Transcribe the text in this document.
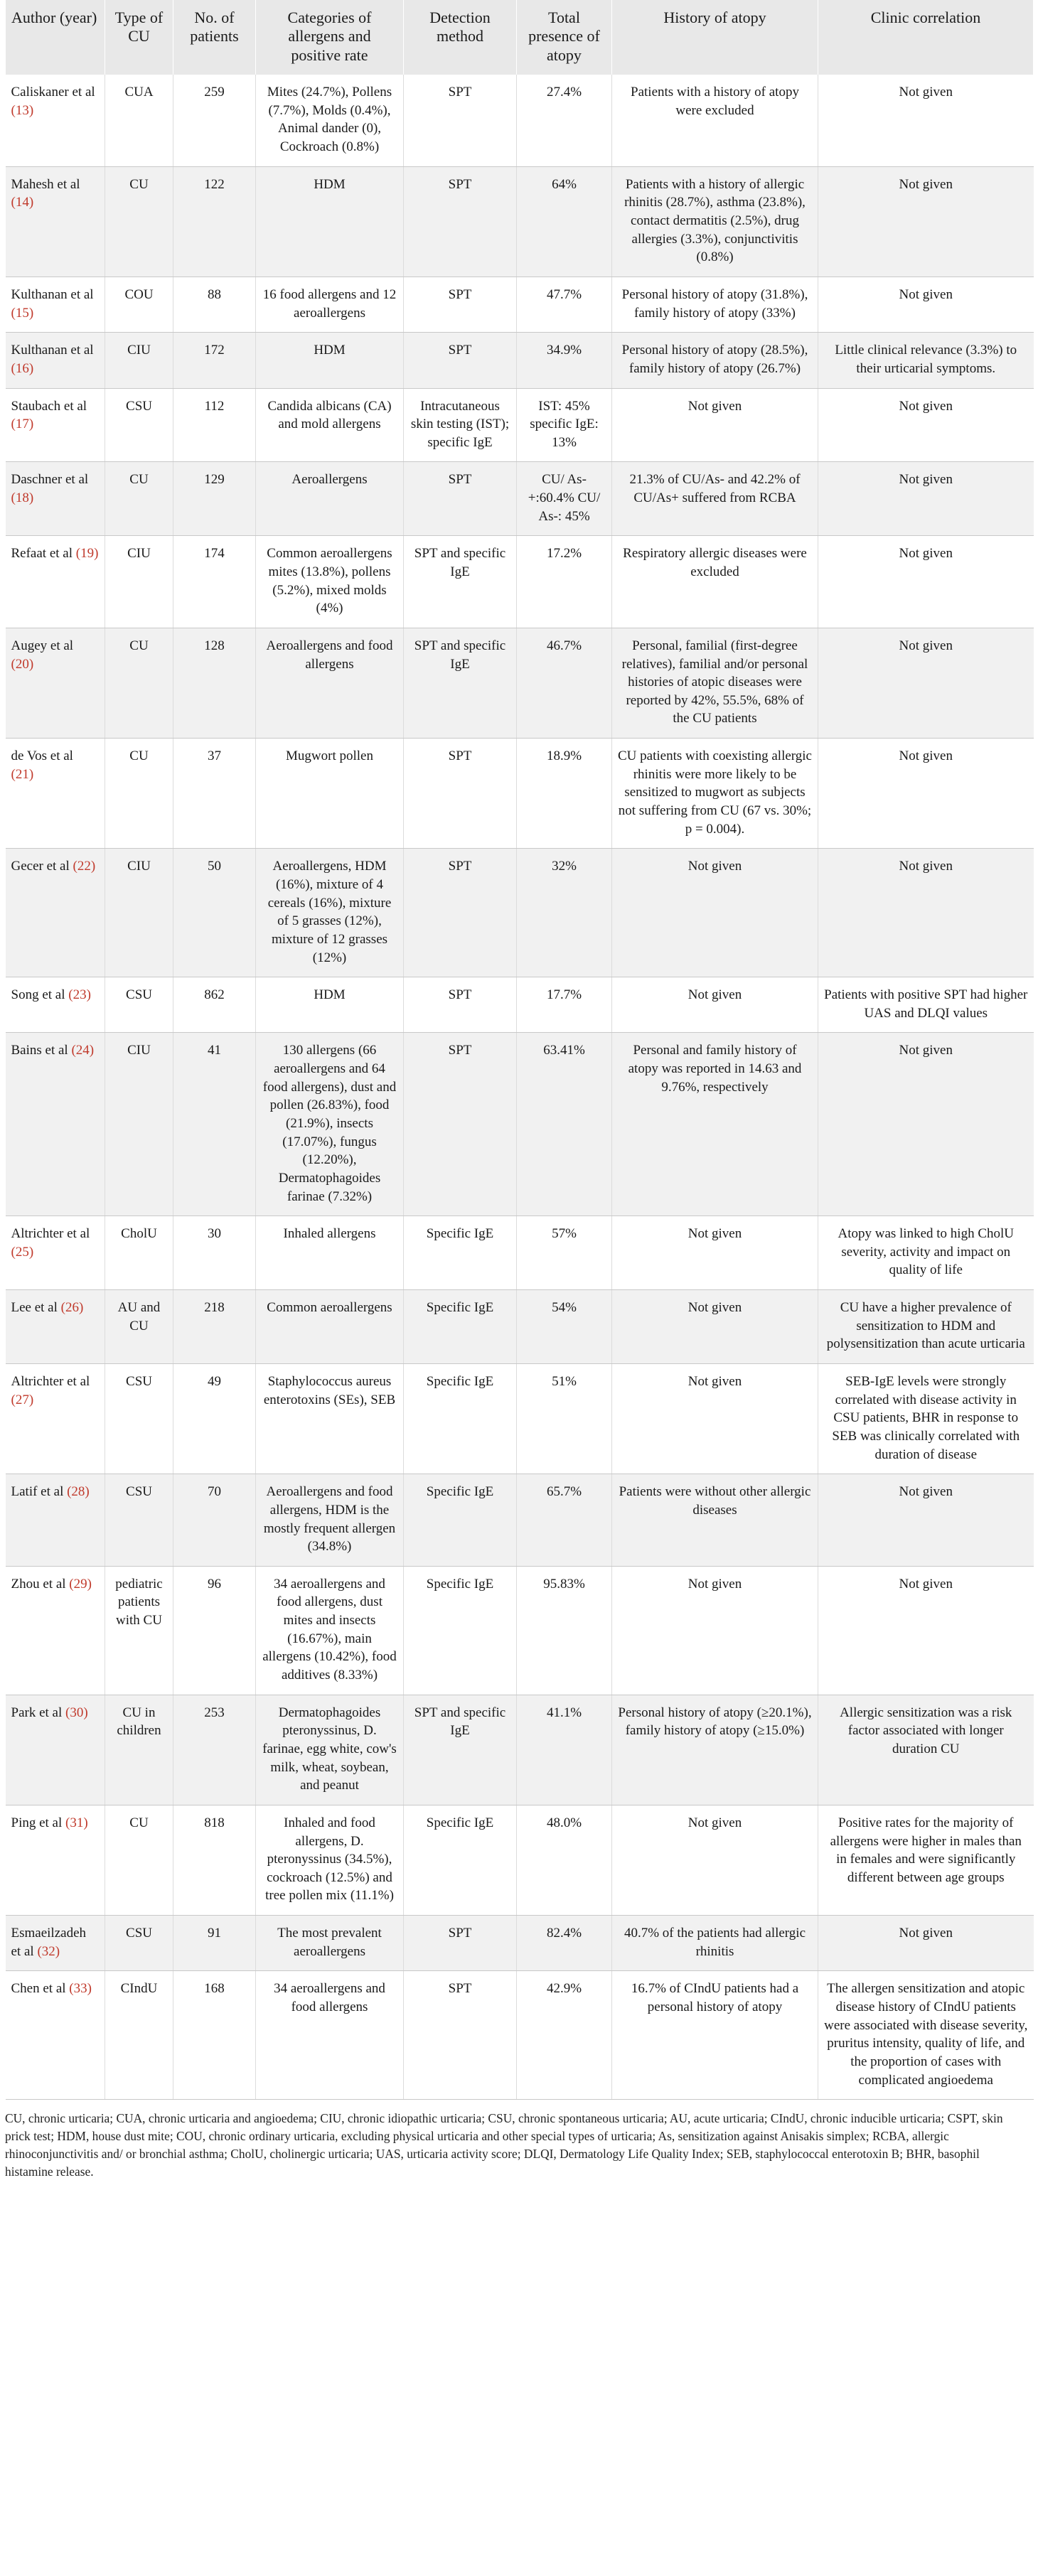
Author (year)	Type of CU	No. of patients	Categories of allergens and positive rate	Detection method	Total presence of atopy	History of atopy	Clinic correlation
Caliskaner et al (13)	CUA	259	Mites (24.7%), Pollens (7.7%), Molds (0.4%), Animal dander (0), Cockroach (0.8%)	SPT	27.4%	Patients with a history of atopy were excluded	Not given
Mahesh et al (14)	CU	122	HDM	SPT	64%	Patients with a history of allergic rhinitis (28.7%), asthma (23.8%), contact dermatitis (2.5%), drug allergies (3.3%), conjunctivitis (0.8%)	Not given
Kulthanan et al (15)	COU	88	16 food allergens and 12 aeroallergens	SPT	47.7%	Personal history of atopy (31.8%), family history of atopy (33%)	Not given
Kulthanan et al (16)	CIU	172	HDM	SPT	34.9%	Personal history of atopy (28.5%), family history of atopy (26.7%)	Little clinical relevance (3.3%) to their urticarial symptoms.
Staubach et al (17)	CSU	112	Candida albicans (CA) and mold allergens	Intracutaneous skin testing (IST); specific IgE	IST: 45% specific IgE: 13%	Not given	Not given
Daschner et al (18)	CU	129	Aeroallergens	SPT	CU/ As- +:60.4% CU/ As-: 45%	21.3% of CU/As- and 42.2% of CU/As+ suffered from RCBA	Not given
Refaat et al (19)	CIU	174	Common aeroallergens mites (13.8%), pollens (5.2%), mixed molds (4%)	SPT and specific IgE	17.2%	Respiratory allergic diseases were excluded	Not given
Augey et al (20)	CU	128	Aeroallergens and food allergens	SPT and specific IgE	46.7%	Personal, familial (first-degree relatives), familial and/or personal histories of atopic diseases were reported by 42%, 55.5%, 68% of the CU patients	Not given
de Vos et al (21)	CU	37	Mugwort pollen	SPT	18.9%	CU patients with coexisting allergic rhinitis were more likely to be sensitized to mugwort as subjects not suffering from CU (67 vs. 30%; p = 0.004).	Not given
Gecer et al (22)	CIU	50	Aeroallergens, HDM (16%), mixture of 4 cereals (16%), mixture of 5 grasses (12%), mixture of 12 grasses (12%)	SPT	32%	Not given	Not given
Song et al (23)	CSU	862	HDM	SPT	17.7%	Not given	Patients with positive SPT had higher UAS and DLQI values
Bains et al (24)	CIU	41	130 allergens (66 aeroallergens and 64 food allergens), dust and pollen (26.83%), food (21.9%), insects (17.07%), fungus (12.20%), Dermatophagoides farinae (7.32%)	SPT	63.41%	Personal and family history of atopy was reported in 14.63 and 9.76%, respectively	Not given
Altrichter et al (25)	CholU	30	Inhaled allergens	Specific IgE	57%	Not given	Atopy was linked to high CholU severity, activity and impact on quality of life
Lee et al (26)	AU and CU	218	Common aeroallergens	Specific IgE	54%	Not given	CU have a higher prevalence of sensitization to HDM and polysensitization than acute urticaria
Altrichter et al (27)	CSU	49	Staphylococcus aureus enterotoxins (SEs), SEB	Specific IgE	51%	Not given	SEB-IgE levels were strongly correlated with disease activity in CSU patients, BHR in response to SEB was clinically correlated with duration of disease
Latif et al (28)	CSU	70	Aeroallergens and food allergens, HDM is the mostly frequent allergen (34.8%)	Specific IgE	65.7%	Patients were without other allergic diseases	Not given
Zhou et al (29)	pediatric patients with CU	96	34 aeroallergens and food allergens, dust mites and insects (16.67%), main allergens (10.42%), food additives (8.33%)	Specific IgE	95.83%	Not given	Not given
Park et al (30)	CU in children	253	Dermatophagoides pteronyssinus, D. farinae, egg white, cow's milk, wheat, soybean, and peanut	SPT and specific IgE	41.1%	Personal history of atopy (≥20.1%), family history of atopy (≥15.0%)	Allergic sensitization was a risk factor associated with longer duration CU
Ping et al (31)	CU	818	Inhaled and food allergens, D. pteronyssinus (34.5%), cockroach (12.5%) and tree pollen mix (11.1%)	Specific IgE	48.0%	Not given	Positive rates for the majority of allergens were higher in males than in females and were significantly different between age groups
Esmaeilzadeh et al (32)	CSU	91	The most prevalent aeroallergens	SPT	82.4%	40.7% of the patients had allergic rhinitis	Not given
Chen et al (33)	CIndU	168	34 aeroallergens and food allergens	SPT	42.9%	16.7% of CIndU patients had a personal history of atopy	The allergen sensitization and atopic disease history of CIndU patients were associated with disease severity, pruritus intensity, quality of life, and the proportion of cases with complicated angioedema
CU, chronic urticaria; CUA, chronic urticaria and angioedema; CIU, chronic idiopathic urticaria; CSU, chronic spontaneous urticaria; AU, acute urticaria; CIndU, chronic inducible urticaria; CSPT, skin prick test; HDM, house dust mite; COU, chronic ordinary urticaria, excluding physical urticaria and other special types of urticaria; As, sensitization against Anisakis simplex; RCBA, allergic rhinoconjunctivitis and/ or bronchial asthma; CholU, cholinergic urticaria; UAS, urticaria activity score; DLQI, Dermatology Life Quality Index; SEB, staphylococcal enterotoxin B; BHR, basophil histamine release.
